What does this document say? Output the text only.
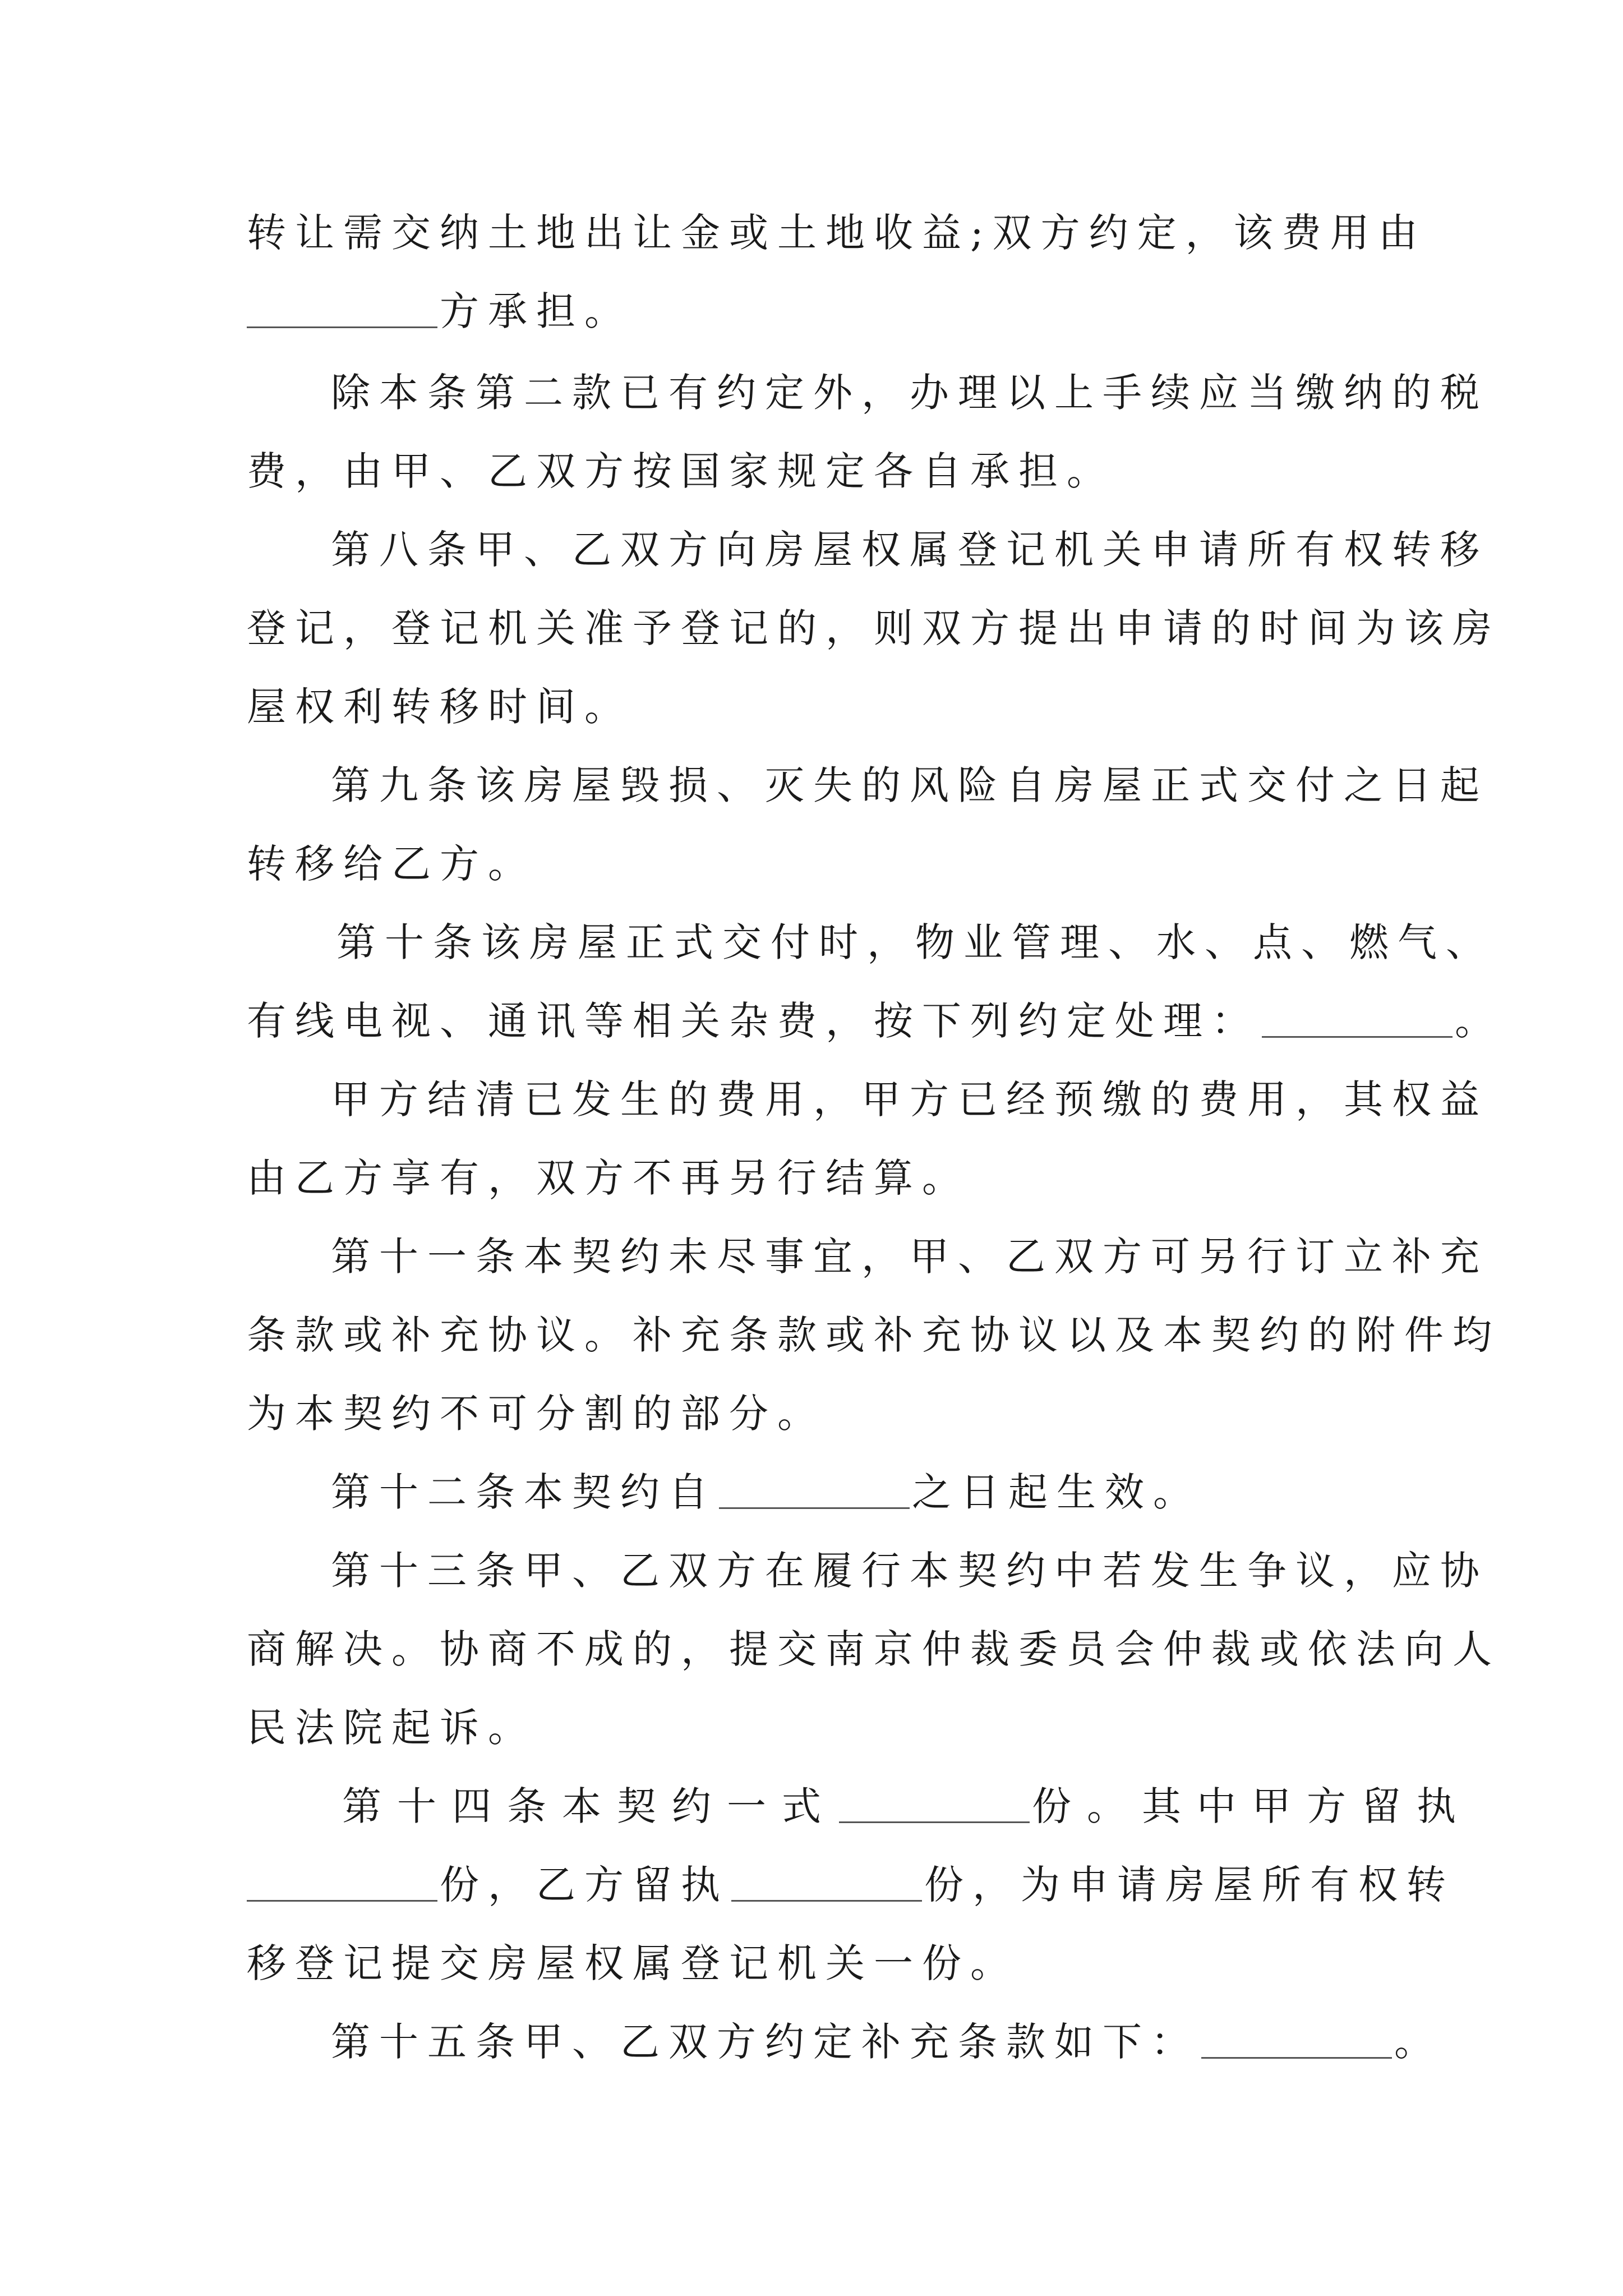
转让需交纳土地出让金或土地收益;双方约定，该费用由
方承担。
除本条第二款已有约定外，办理以上手续应当缴纳的税
费，由甲、乙双方按国家规定各自承担。
第八条甲、乙双方向房屋权属登记机关申请所有权转移
登记，登记机关准予登记的，则双方提出申请的时间为该房
屋权利转移时间。
第九条该房屋毁损、灭失的风险自房屋正式交付之日起
转移给乙方。
第十条该房屋正式交付时，物业管理、水、点、燃气、
有线电视、通讯等相关杂费，按下列约定处理：	。
甲方结清已发生的费用，甲方已经预缴的费用，其权益
由乙方享有，双方不再另行结算。
第十一条本契约未尽事宜，甲、乙双方可另行订立补充
条款或补充协议。补充条款或补充协议以及本契约的附件均
为本契约不可分割的部分。
第十二条本契约自	之日起生效。
第十三条甲、乙双方在履行本契约中若发生争议，应协
商解决。协商不成的，提交南京仲裁委员会仲裁或依法向人
民法院起诉。
第十四条本契约一式	份。其中甲方留执
份，乙方留执	份，为申请房屋所有权转
移登记提交房屋权属登记机关一份。
第十五条甲、乙双方约定补充条款如下：	。
